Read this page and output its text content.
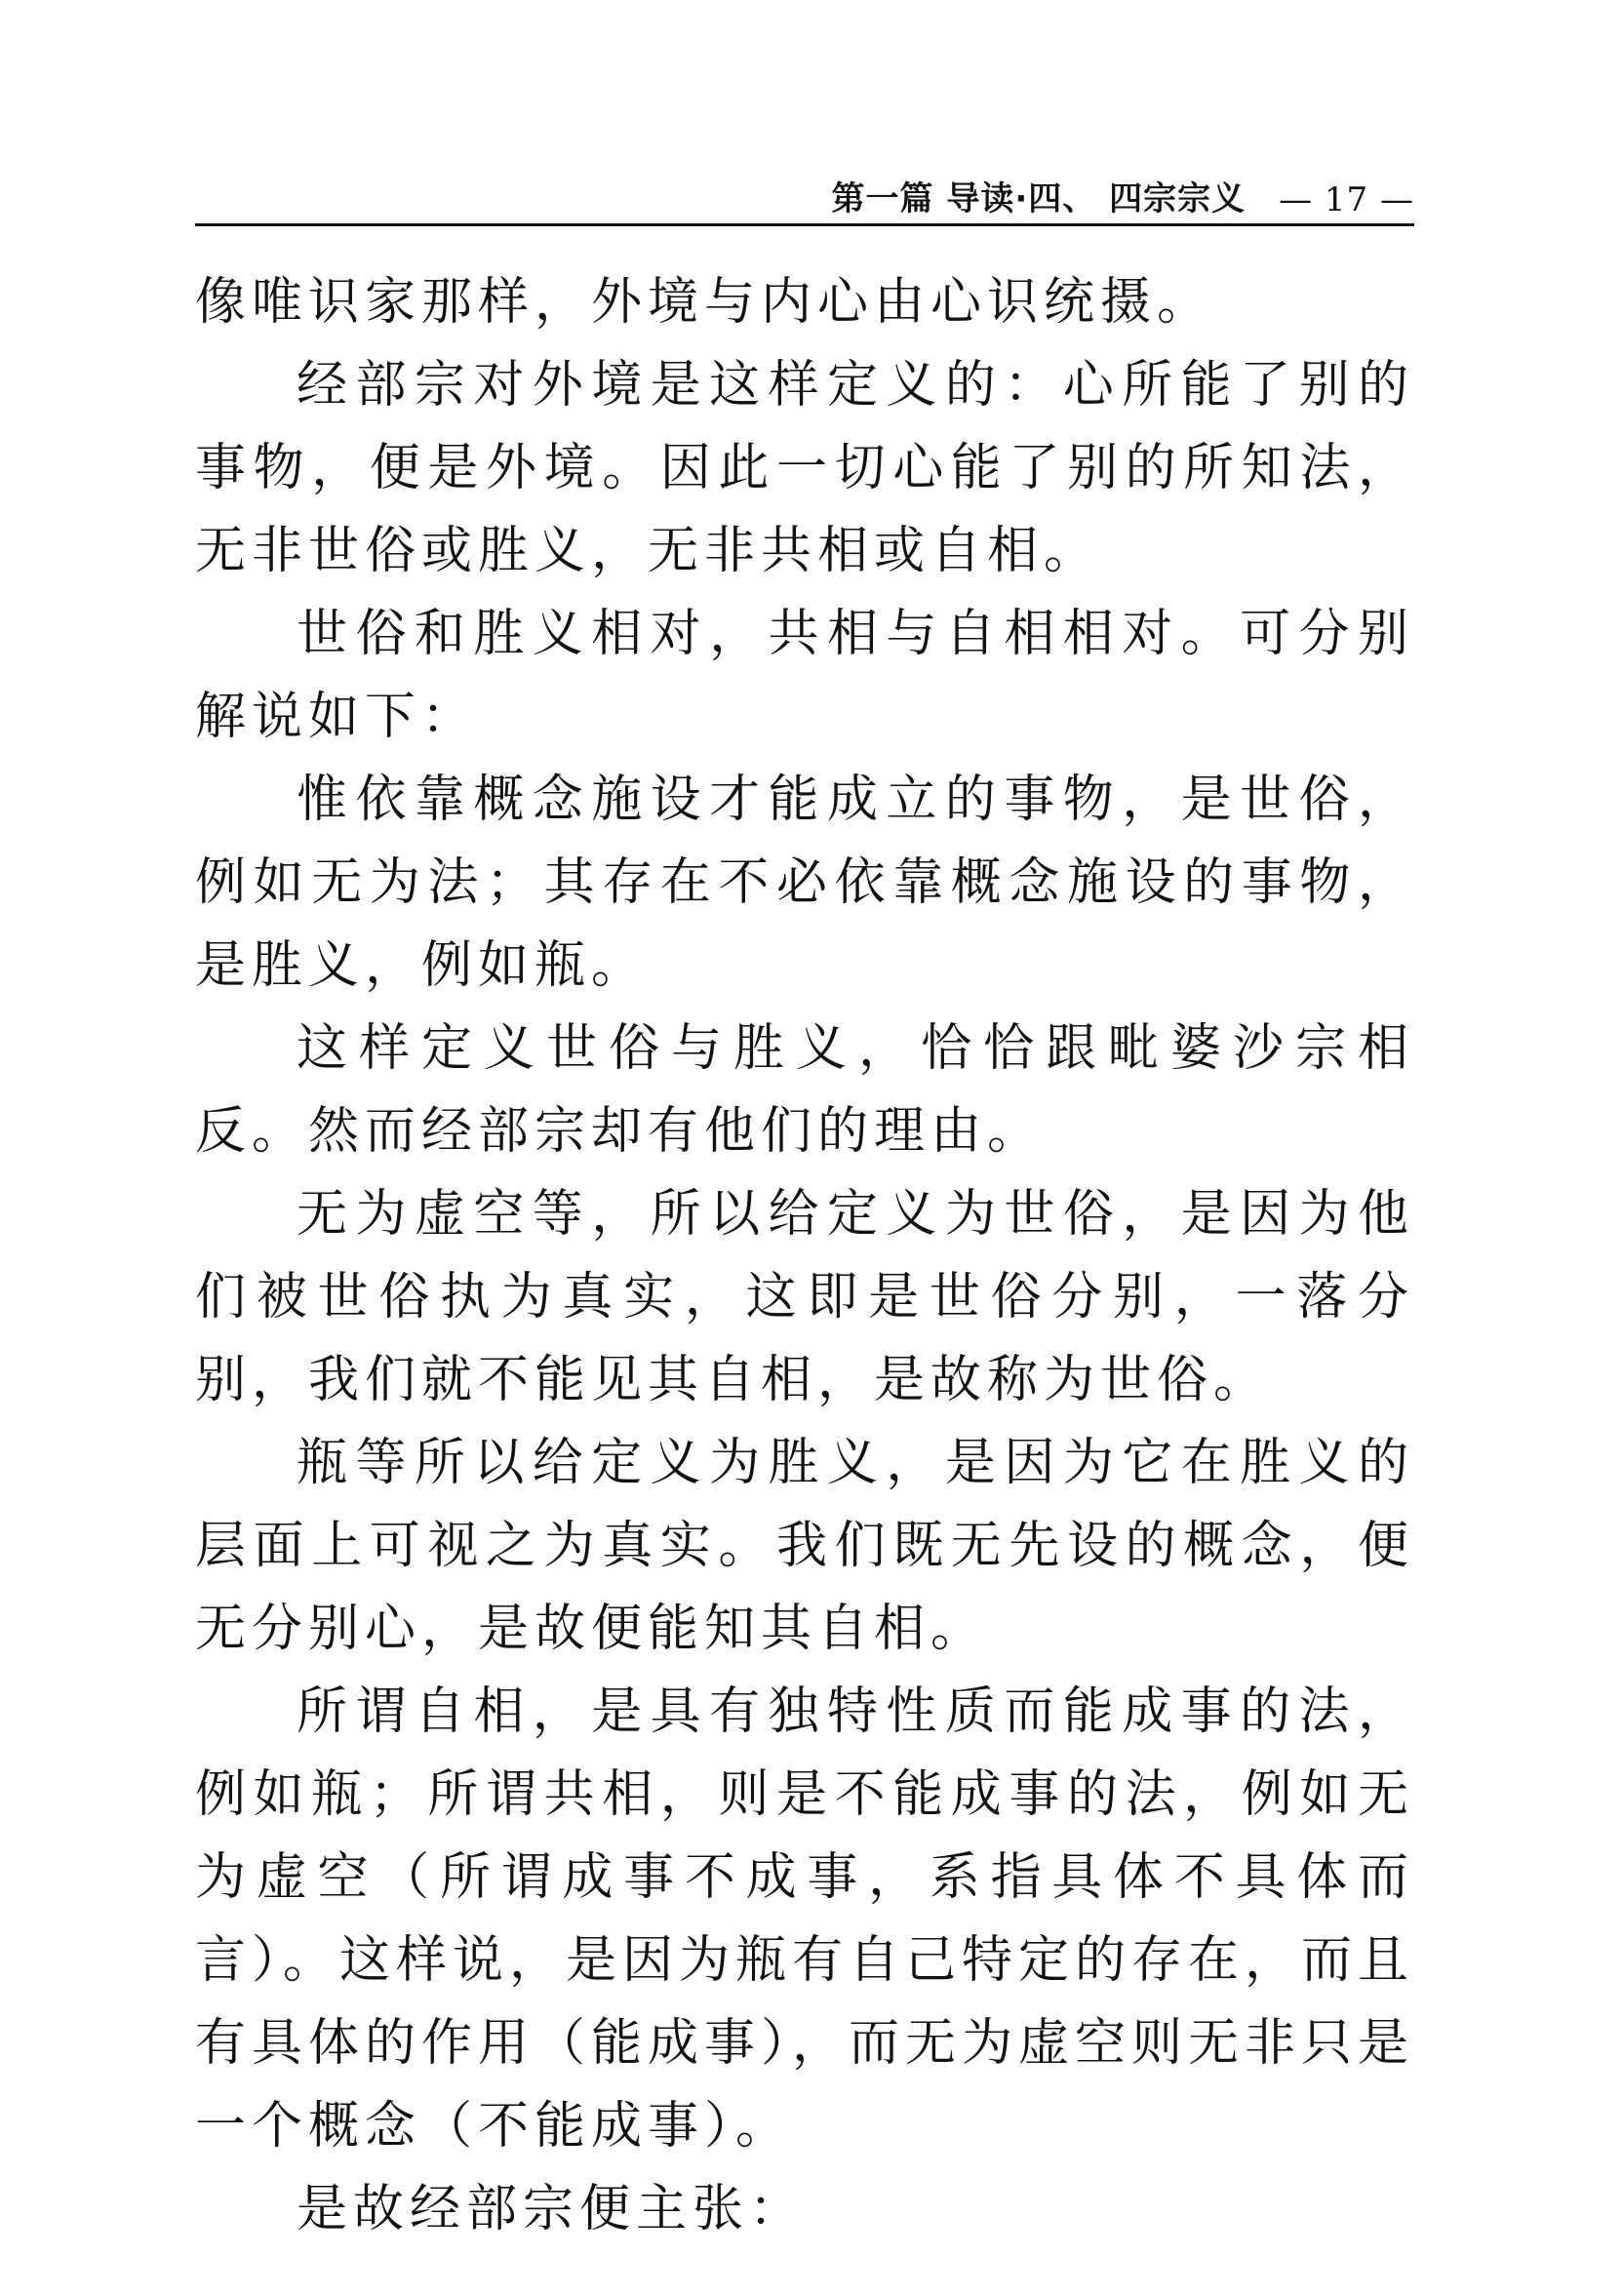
第一篇 导读·四、 四宗宗义 — 17 —

像唯识家那样，外境与内心由心识统摄。

经部宗对外境是这样定义的：心所能了别的事物，便是外境。因此一切心能了别的所知法，无非世俗或胜义，无非共相或自相。

世俗和胜义相对，共相与自相相对。可分别解说如下：

惟依靠概念施设才能成立的事物，是世俗，例如无为法；其存在不必依靠概念施设的事物，是胜义，例如瓶。

这样定义世俗与胜义，恰恰跟毗婆沙宗相反。然而经部宗却有他们的理由。

无为虚空等，所以给定义为世俗，是因为他们被世俗执为真实，这即是世俗分别，一落分别，我们就不能见其自相，是故称为世俗。

瓶等所以给定义为胜义，是因为它在胜义的层面上可视之为真实。我们既无先设的概念，便无分别心，是故便能知其自相。

所谓自相，是具有独特性质而能成事的法，例如瓶；所谓共相，则是不能成事的法，例如无为虚空（所谓成事不成事，系指具体不具体而言）。这样说，是因为瓶有自己特定的存在，而且有具体的作用（能成事），而无为虚空则无非只是一个概念（不能成事）。

是故经部宗便主张：
